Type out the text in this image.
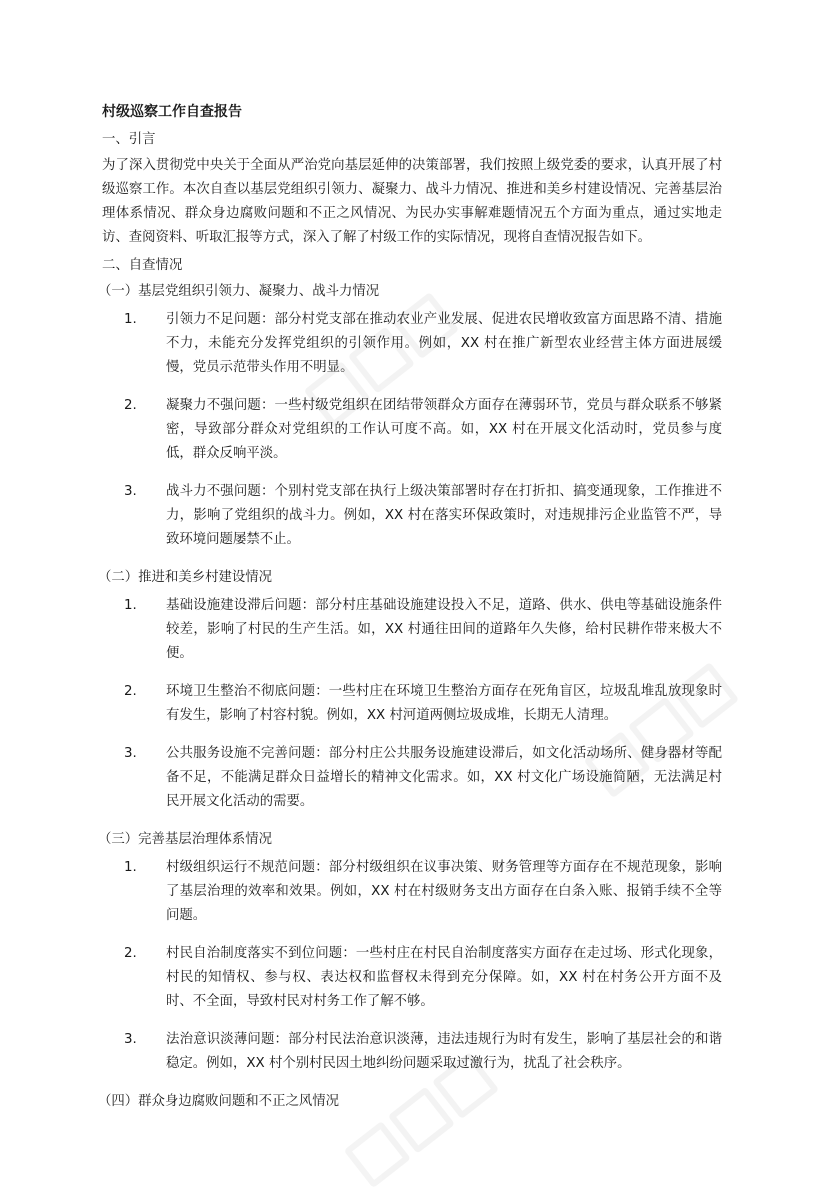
村级巡察工作自查报告
一、引言
为了深入贯彻党中央关于全面从严治党向基层延伸的决策部署，我们按照上级党委的要求，认真开展了村级巡察工作。本次自查以基层党组织引领力、凝聚力、战斗力情况、推进和美乡村建设情况、完善基层治理体系情况、群众身边腐败问题和不正之风情况、为民办实事解难题情况五个方面为重点，通过实地走访、查阅资料、听取汇报等方式，深入了解了村级工作的实际情况，现将自查情况报告如下。
二、自查情况
（一）基层党组织引领力、凝聚力、战斗力情况
1.	引领力不足问题：部分村党支部在推动农业产业发展、促进农民增收致富方面思路不清、措施不力，未能充分发挥党组织的引领作用。例如，XX 村在推广新型农业经营主体方面进展缓慢，党员示范带头作用不明显。
2.	凝聚力不强问题：一些村级党组织在团结带领群众方面存在薄弱环节，党员与群众联系不够紧密，导致部分群众对党组织的工作认可度不高。如，XX 村在开展文化活动时，党员参与度低，群众反响平淡。
3.	战斗力不强问题：个别村党支部在执行上级决策部署时存在打折扣、搞变通现象，工作推进不力，影响了党组织的战斗力。例如，XX 村在落实环保政策时，对违规排污企业监管不严，导致环境问题屡禁不止。
（二）推进和美乡村建设情况
1.	基础设施建设滞后问题：部分村庄基础设施建设投入不足，道路、供水、供电等基础设施条件较差，影响了村民的生产生活。如，XX 村通往田间的道路年久失修，给村民耕作带来极大不便。
2.	环境卫生整治不彻底问题：一些村庄在环境卫生整治方面存在死角盲区，垃圾乱堆乱放现象时有发生，影响了村容村貌。例如，XX 村河道两侧垃圾成堆，长期无人清理。
3.	公共服务设施不完善问题：部分村庄公共服务设施建设滞后，如文化活动场所、健身器材等配备不足，不能满足群众日益增长的精神文化需求。如，XX 村文化广场设施简陋，无法满足村民开展文化活动的需要。
（三）完善基层治理体系情况
1.	村级组织运行不规范问题：部分村级组织在议事决策、财务管理等方面存在不规范现象，影响了基层治理的效率和效果。例如，XX 村在村级财务支出方面存在白条入账、报销手续不全等问题。
2.	村民自治制度落实不到位问题：一些村庄在村民自治制度落实方面存在走过场、形式化现象，村民的知情权、参与权、表达权和监督权未得到充分保障。如，XX 村在村务公开方面不及时、不全面，导致村民对村务工作了解不够。
3.	法治意识淡薄问题：部分村民法治意识淡薄，违法违规行为时有发生，影响了基层社会的和谐稳定。例如，XX 村个别村民因土地纠纷问题采取过激行为，扰乱了社会秩序。
（四）群众身边腐败问题和不正之风情况
